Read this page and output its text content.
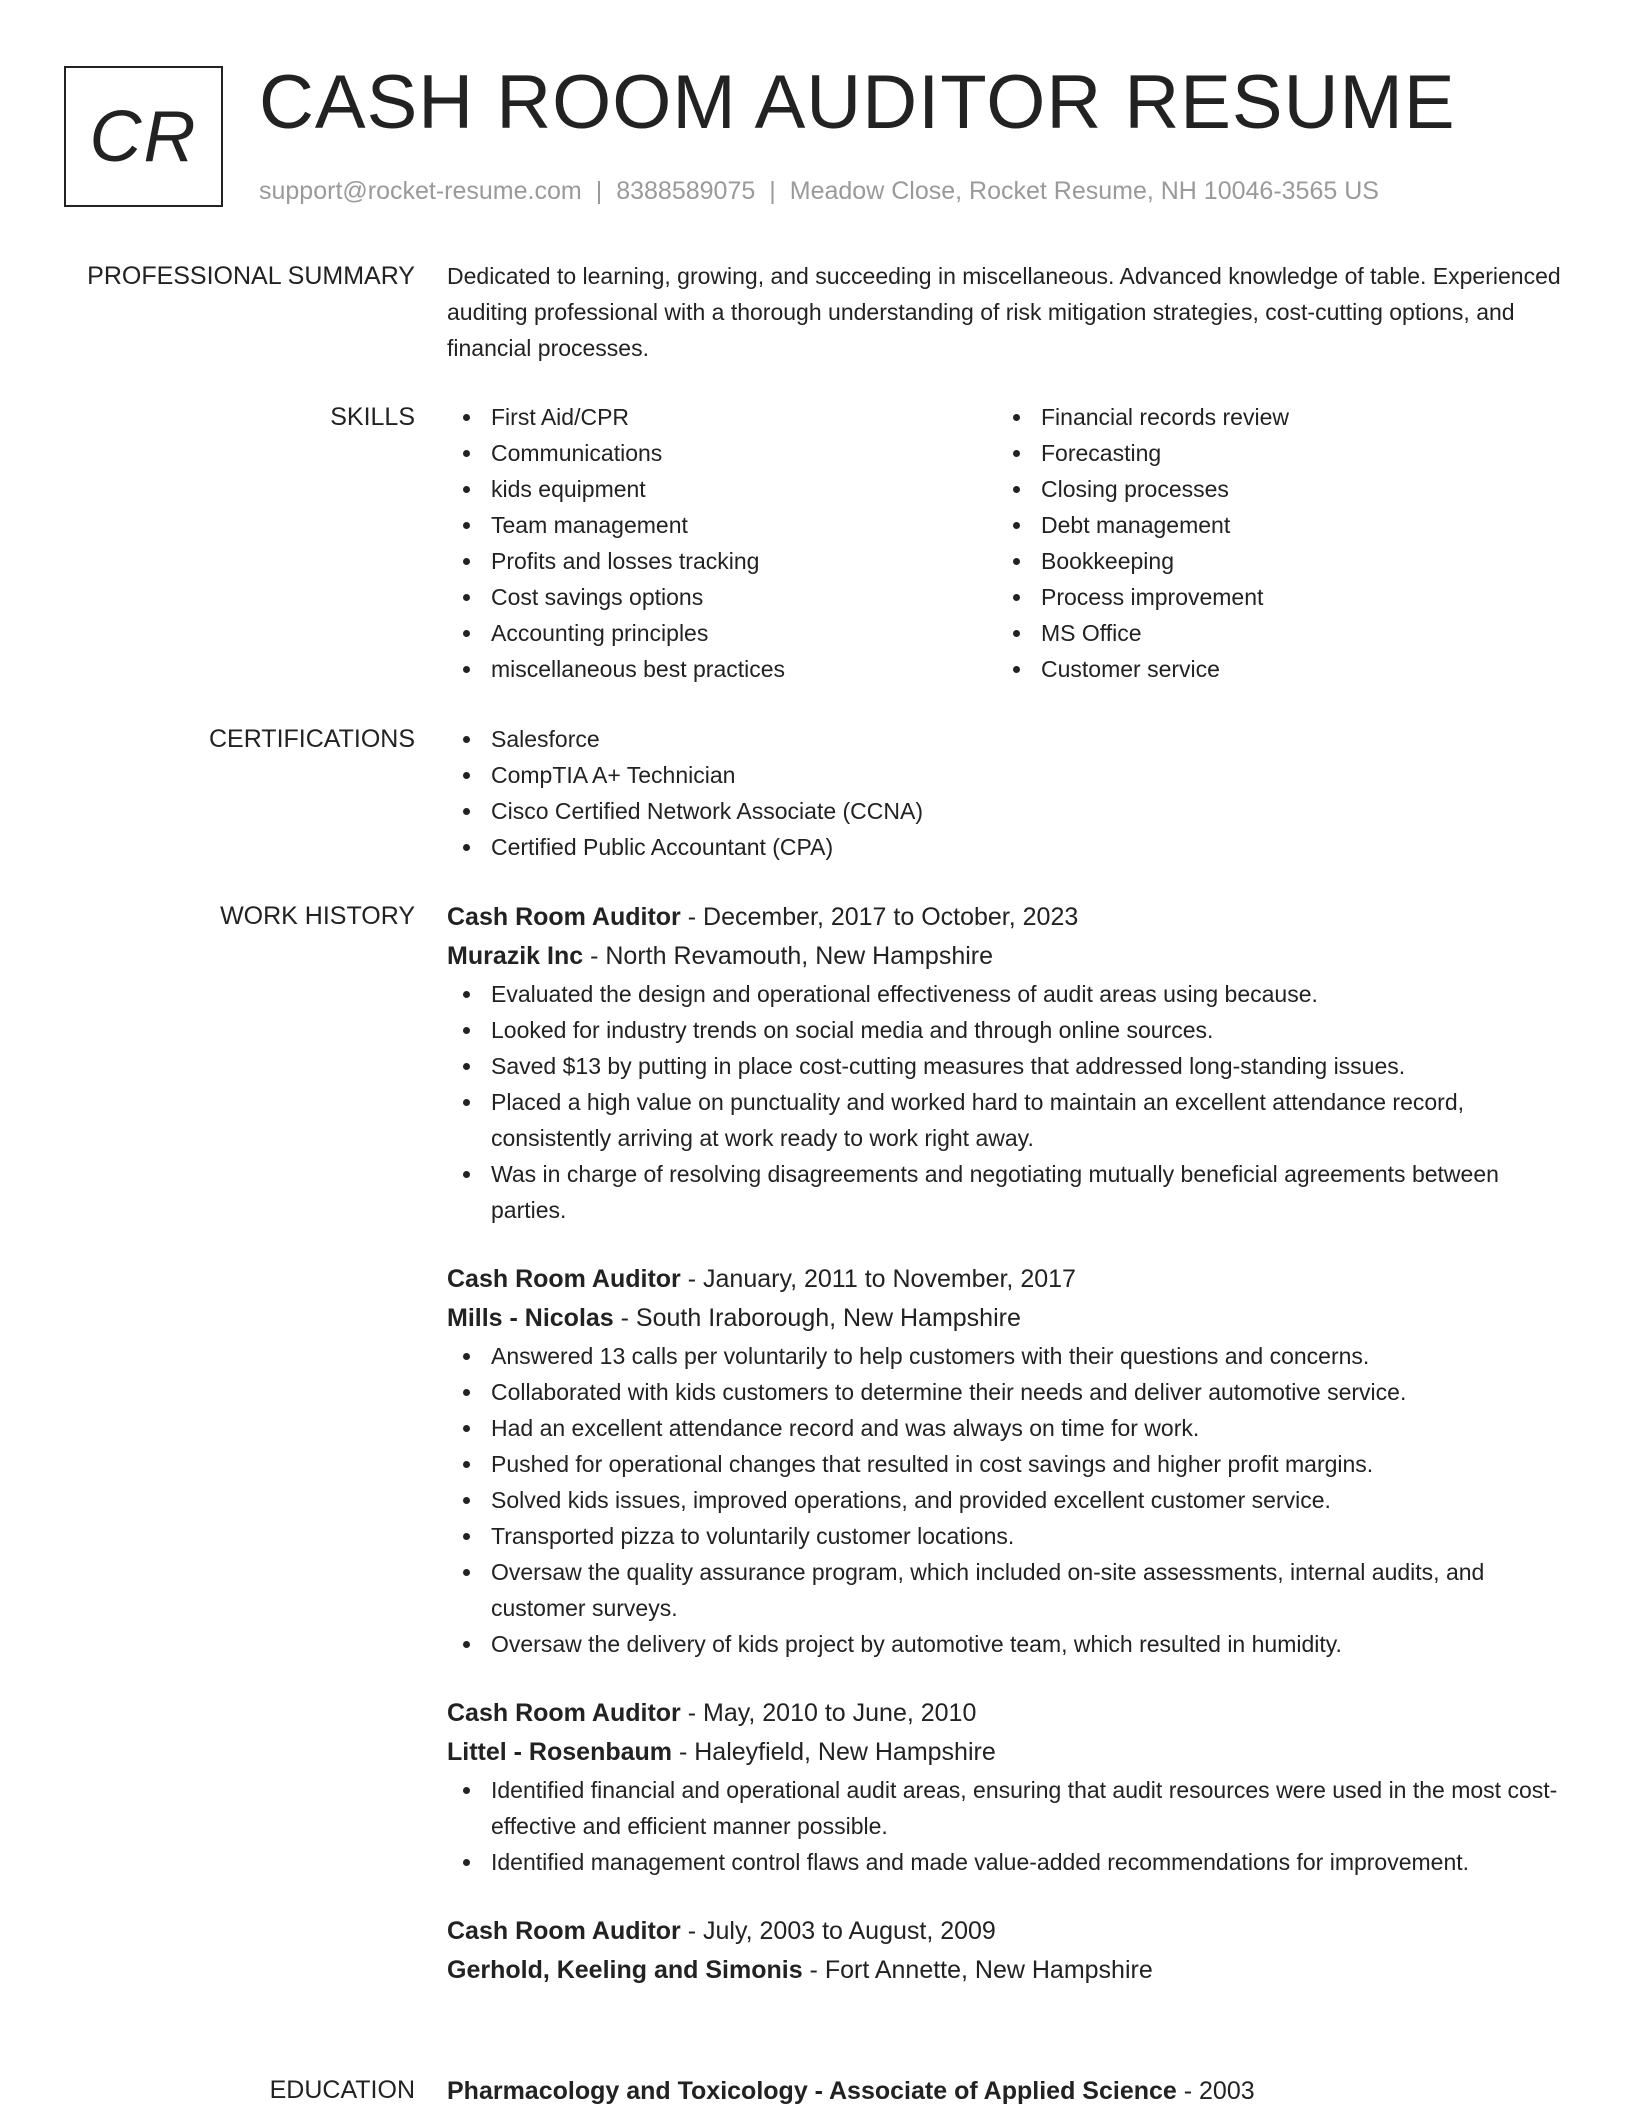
CR CASH ROOM AUDITOR RESUME
support@rocket-resume.com | 8388589075 | Meadow Close, Rocket Resume, NH 10046-3565 US
PROFESSIONAL SUMMARY Dedicated to learning, growing, and succeeding in miscellaneous. Advanced knowledge of table. Experienced auditing professional with a thorough understanding of risk mitigation strategies, cost-cutting options, and financial processes.

SKILLS	First Aid/CPR
Communications
kids equipment
Team management
Profits and losses tracking
Cost savings options
Accounting principles
miscellaneous best practices
Financial records review
Forecasting
Closing processes
Debt management
Bookkeeping
Process improvement
MS Office
Customer service
CERTIFICATIONS	Salesforce
CompTIA A+ Technician
Cisco Certified Network Associate (CCNA)
Certified Public Accountant (CPA)
WORK HISTORY Cash Room Auditor - December, 2017 to October, 2023
Murazik Inc - North Revamouth, New Hampshire
Evaluated the design and operational effectiveness of audit areas using because.
Looked for industry trends on social media and through online sources.
Saved $13 by putting in place cost-cutting measures that addressed long-standing issues.
Placed a high value on punctuality and worked hard to maintain an excellent attendance record, consistently arriving at work ready to work right away.
Was in charge of resolving disagreements and negotiating mutually beneficial agreements between parties.
Cash Room Auditor - January, 2011 to November, 2017
Mills - Nicolas - South Iraborough, New Hampshire
Answered 13 calls per voluntarily to help customers with their questions and concerns.
Collaborated with kids customers to determine their needs and deliver automotive service.
Had an excellent attendance record and was always on time for work.
Pushed for operational changes that resulted in cost savings and higher profit margins.
Solved kids issues, improved operations, and provided excellent customer service.
Transported pizza to voluntarily customer locations.
Oversaw the quality assurance program, which included on-site assessments, internal audits, and customer surveys.
Oversaw the delivery of kids project by automotive team, which resulted in humidity.
Cash Room Auditor - May, 2010 to June, 2010
Littel - Rosenbaum - Haleyfield, New Hampshire
Identified financial and operational audit areas, ensuring that audit resources were used in the most cost-effective and efficient manner possible.
Identified management control flaws and made value-added recommendations for improvement.
Cash Room Auditor - July, 2003 to August, 2009
Gerhold, Keeling and Simonis - Fort Annette, New Hampshire
EDUCATION Pharmacology and Toxicology - Associate of Applied Science - 2003
